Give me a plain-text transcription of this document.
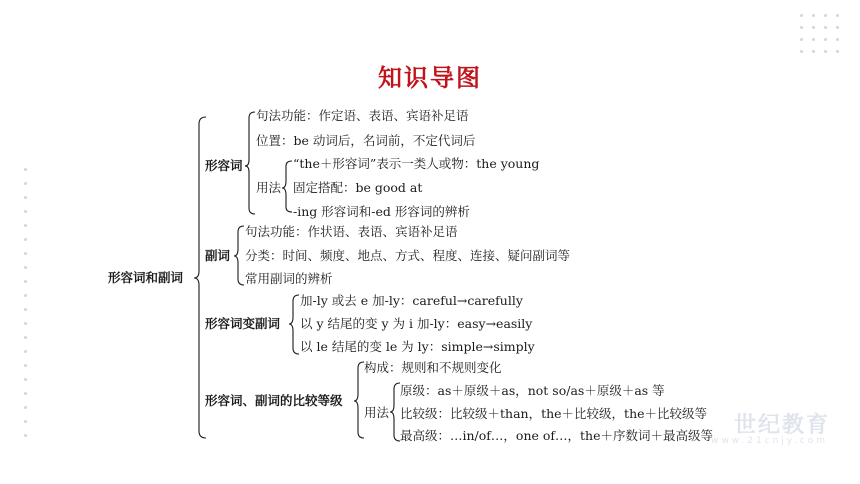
知识导图
形容词和副词
形容词
句法功能：作定语、表语、宾语补足语
位置：be 动词后，名词前，不定代词后
用法
“the＋形容词”表示一类人或物：the young
固定搭配：be good at
-ing 形容词和-ed 形容词的辨析
副词
句法功能：作状语、表语、宾语补足语
分类：时间、频度、地点、方式、程度、连接、疑问副词等
常用副词的辨析
形容词变副词
加-ly 或去 e 加-ly：careful→carefully
以 y 结尾的变 y 为 i 加-ly：easy→easily
以 le 结尾的变 le 为 ly：simple→simply
形容词、副词的比较等级
构成：规则和不规则变化
用法
原级：as＋原级＋as，not so/as＋原级＋as 等
比较级：比较级＋than，the＋比较级，the＋比较级等
最高级：…in/of…，one of…，the＋序数词＋最高级等 世纪教育
www.21cnjy.com
